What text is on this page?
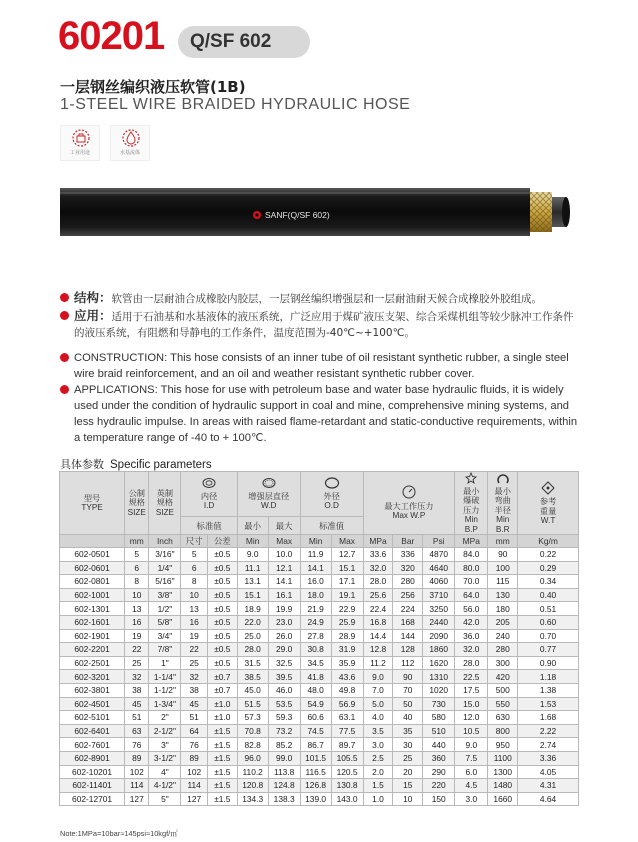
60201	Q/SF 602
一层钢丝编织液压软管(1B)
1-STEEL WIRE BRAIDED HYDRAULIC HOSE
工业用途	水基流体
SANF(Q/SF 602)
结构：软管由一层耐油合成橡胶内胶层，一层钢丝编织增强层和一层耐油耐天候合成橡胶外胶组成。
应用：适用于石油基和水基液体的液压系统，广泛应用于煤矿液压支架、综合采煤机组等较少脉冲工作条件的液压系统，有阻燃和导静电的工作条件，温度范围为-40℃~+100℃。
CONSTRUCTION: This hose consists of an inner tube of oil resistant synthetic rubber, a single steel wire braid reinforcement, and an oil and weather resistant synthetic rubber cover.
APPLICATIONS: This hose for use with petroleum base and water base hydraulic fluids, it is widely used under the condition of hydraulic support in coal and mine, comprehensive mining systems, and less hydraulic impulse. In areas with raised flame-retardant and static-conductive requirements, within a temperature range of -40 to + 100℃.
具体参数 Specific parameters
型号
TYPE	公制
规格
SIZE	英制
规格
SIZE	内径
I.D		增强层直径
W.D		外径
O.D		最大工作压力
Max W.P			最小
爆破
压力
Min
B.P	最小
弯曲
半径
Min
B.R	参考
重量
W.T

			标准值		最小	最大	标准值							
	mm	Inch	尺寸	公差	Min	Max	Min	Max	MPa	Bar	Psi	MPa	mm	Kg/m
602-0501	5	3/16"	5	±0.5	9.0	10.0	11.9	12.7	33.6	336	4870	84.0	90	0.22
602-0601	6	1/4"	6	±0.5	11.1	12.1	14.1	15.1	32.0	320	4640	80.0	100	0.29
602-0801	8	5/16"	8	±0.5	13.1	14.1	16.0	17.1	28.0	280	4060	70.0	115	0.34
602-1001	10	3/8"	10	±0.5	15.1	16.1	18.0	19.1	25.6	256	3710	64.0	130	0.40
602-1301	13	1/2"	13	±0.5	18.9	19.9	21.9	22.9	22.4	224	3250	56.0	180	0.51
602-1601	16	5/8"	16	±0.5	22.0	23.0	24.9	25.9	16.8	168	2440	42.0	205	0.60
602-1901	19	3/4"	19	±0.5	25.0	26.0	27.8	28.9	14.4	144	2090	36.0	240	0.70
602-2201	22	7/8"	22	±0.5	28.0	29.0	30.8	31.9	12.8	128	1860	32.0	280	0.77
602-2501	25	1"	25	±0.5	31.5	32.5	34.5	35.9	11.2	112	1620	28.0	300	0.90
602-3201	32	1-1/4"	32	±0.7	38.5	39.5	41.8	43.6	9.0	90	1310	22.5	420	1.18
602-3801	38	1-1/2"	38	±0.7	45.0	46.0	48.0	49.8	7.0	70	1020	17.5	500	1.38
602-4501	45	1-3/4"	45	±1.0	51.5	53.5	54.9	56.9	5.0	50	730	15.0	550	1.53
602-5101	51	2"	51	±1.0	57.3	59.3	60.6	63.1	4.0	40	580	12.0	630	1.68
602-6401	63	2-1/2"	64	±1.5	70.8	73.2	74.5	77.5	3.5	35	510	10.5	800	2.22
602-7601	76	3"	76	±1.5	82.8	85.2	86.7	89.7	3.0	30	440	9.0	950	2.74
602-8901	89	3-1/2"	89	±1.5	96.0	99.0	101.5	105.5	2.5	25	360	7.5	1100	3.36
602-10201	102	4"	102	±1.5	110.2	113.8	116.5	120.5	2.0	20	290	6.0	1300	4.05
602-11401	114	4-1/2"	114	±1.5	120.8	124.8	126.8	130.8	1.5	15	220	4.5	1480	4.31
602-12701	127	5"	127	±1.5	134.3	138.3	139.0	143.0	1.0	10	150	3.0	1660	4.64
Note:1MPa=10bar≈145psi≈10kgf/㎡
